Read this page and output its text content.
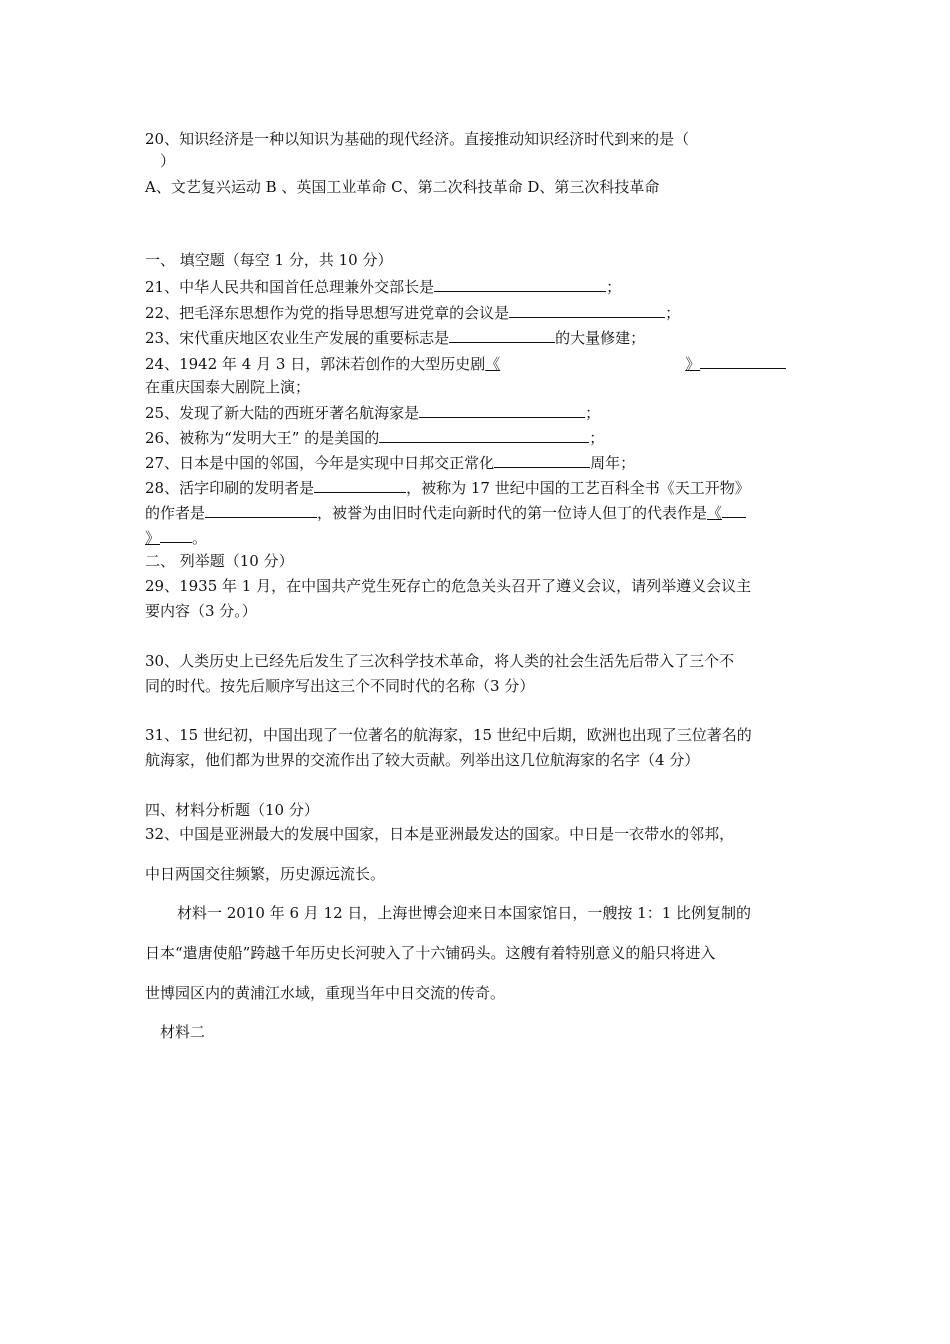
20、知识经济是一种以知识为基础的现代经济。直接推动知识经济时代到来的是（
）
A、文艺复兴运动 B 、英国工业革命 C、第二次科技革命 D、第三次科技革命
一、 填空题（每空 1 分，共 10 分）
21、中华人民共和国首任总理兼外交部长是	；
22、把毛泽东思想作为党的指导思想写进党章的会议是	；
23、宋代重庆地区农业生产发展的重要标志是	的大量修建；
24、1942 年 4 月 3 日，郭沫若创作的大型历史剧《	》
在重庆国泰大剧院上演；
25、发现了新大陆的西班牙著名航海家是	；
26、被称为“发明大王” 的是美国的	；
27、日本是中国的邻国，今年是实现中日邦交正常化	周年；
28、活字印刷的发明者是	，被称为 17 世纪中国的工艺百科全书《天工开物》
的作者是	，被誉为由旧时代走向新时代的第一位诗人但丁的代表作是《
》 。
二、 列举题（10 分）
29、1935 年 1 月，在中国共产党生死存亡的危急关头召开了遵义会议，请列举遵义会议主
要内容（3 分。）
30、人类历史上已经先后发生了三次科学技术革命，将人类的社会生活先后带入了三个不
同的时代。按先后顺序写出这三个不同时代的名称（3 分）
31、15 世纪初，中国出现了一位著名的航海家，15 世纪中后期，欧洲也出现了三位著名的
航海家，他们都为世界的交流作出了较大贡献。列举出这几位航海家的名字（4 分）
四、材料分析题（10 分）
32、中国是亚洲最大的发展中国家，日本是亚洲最发达的国家。中日是一衣带水的邻邦，
中日两国交往频繁，历史源远流长。
材料一 2010 年 6 月 12 日，上海世博会迎来日本国家馆日，一艘按 1：1 比例复制的
日本“遣唐使船”跨越千年历史长河驶入了十六铺码头。这艘有着特别意义的船只将进入
世博园区内的黄浦江水域，重现当年中日交流的传奇。
材料二
